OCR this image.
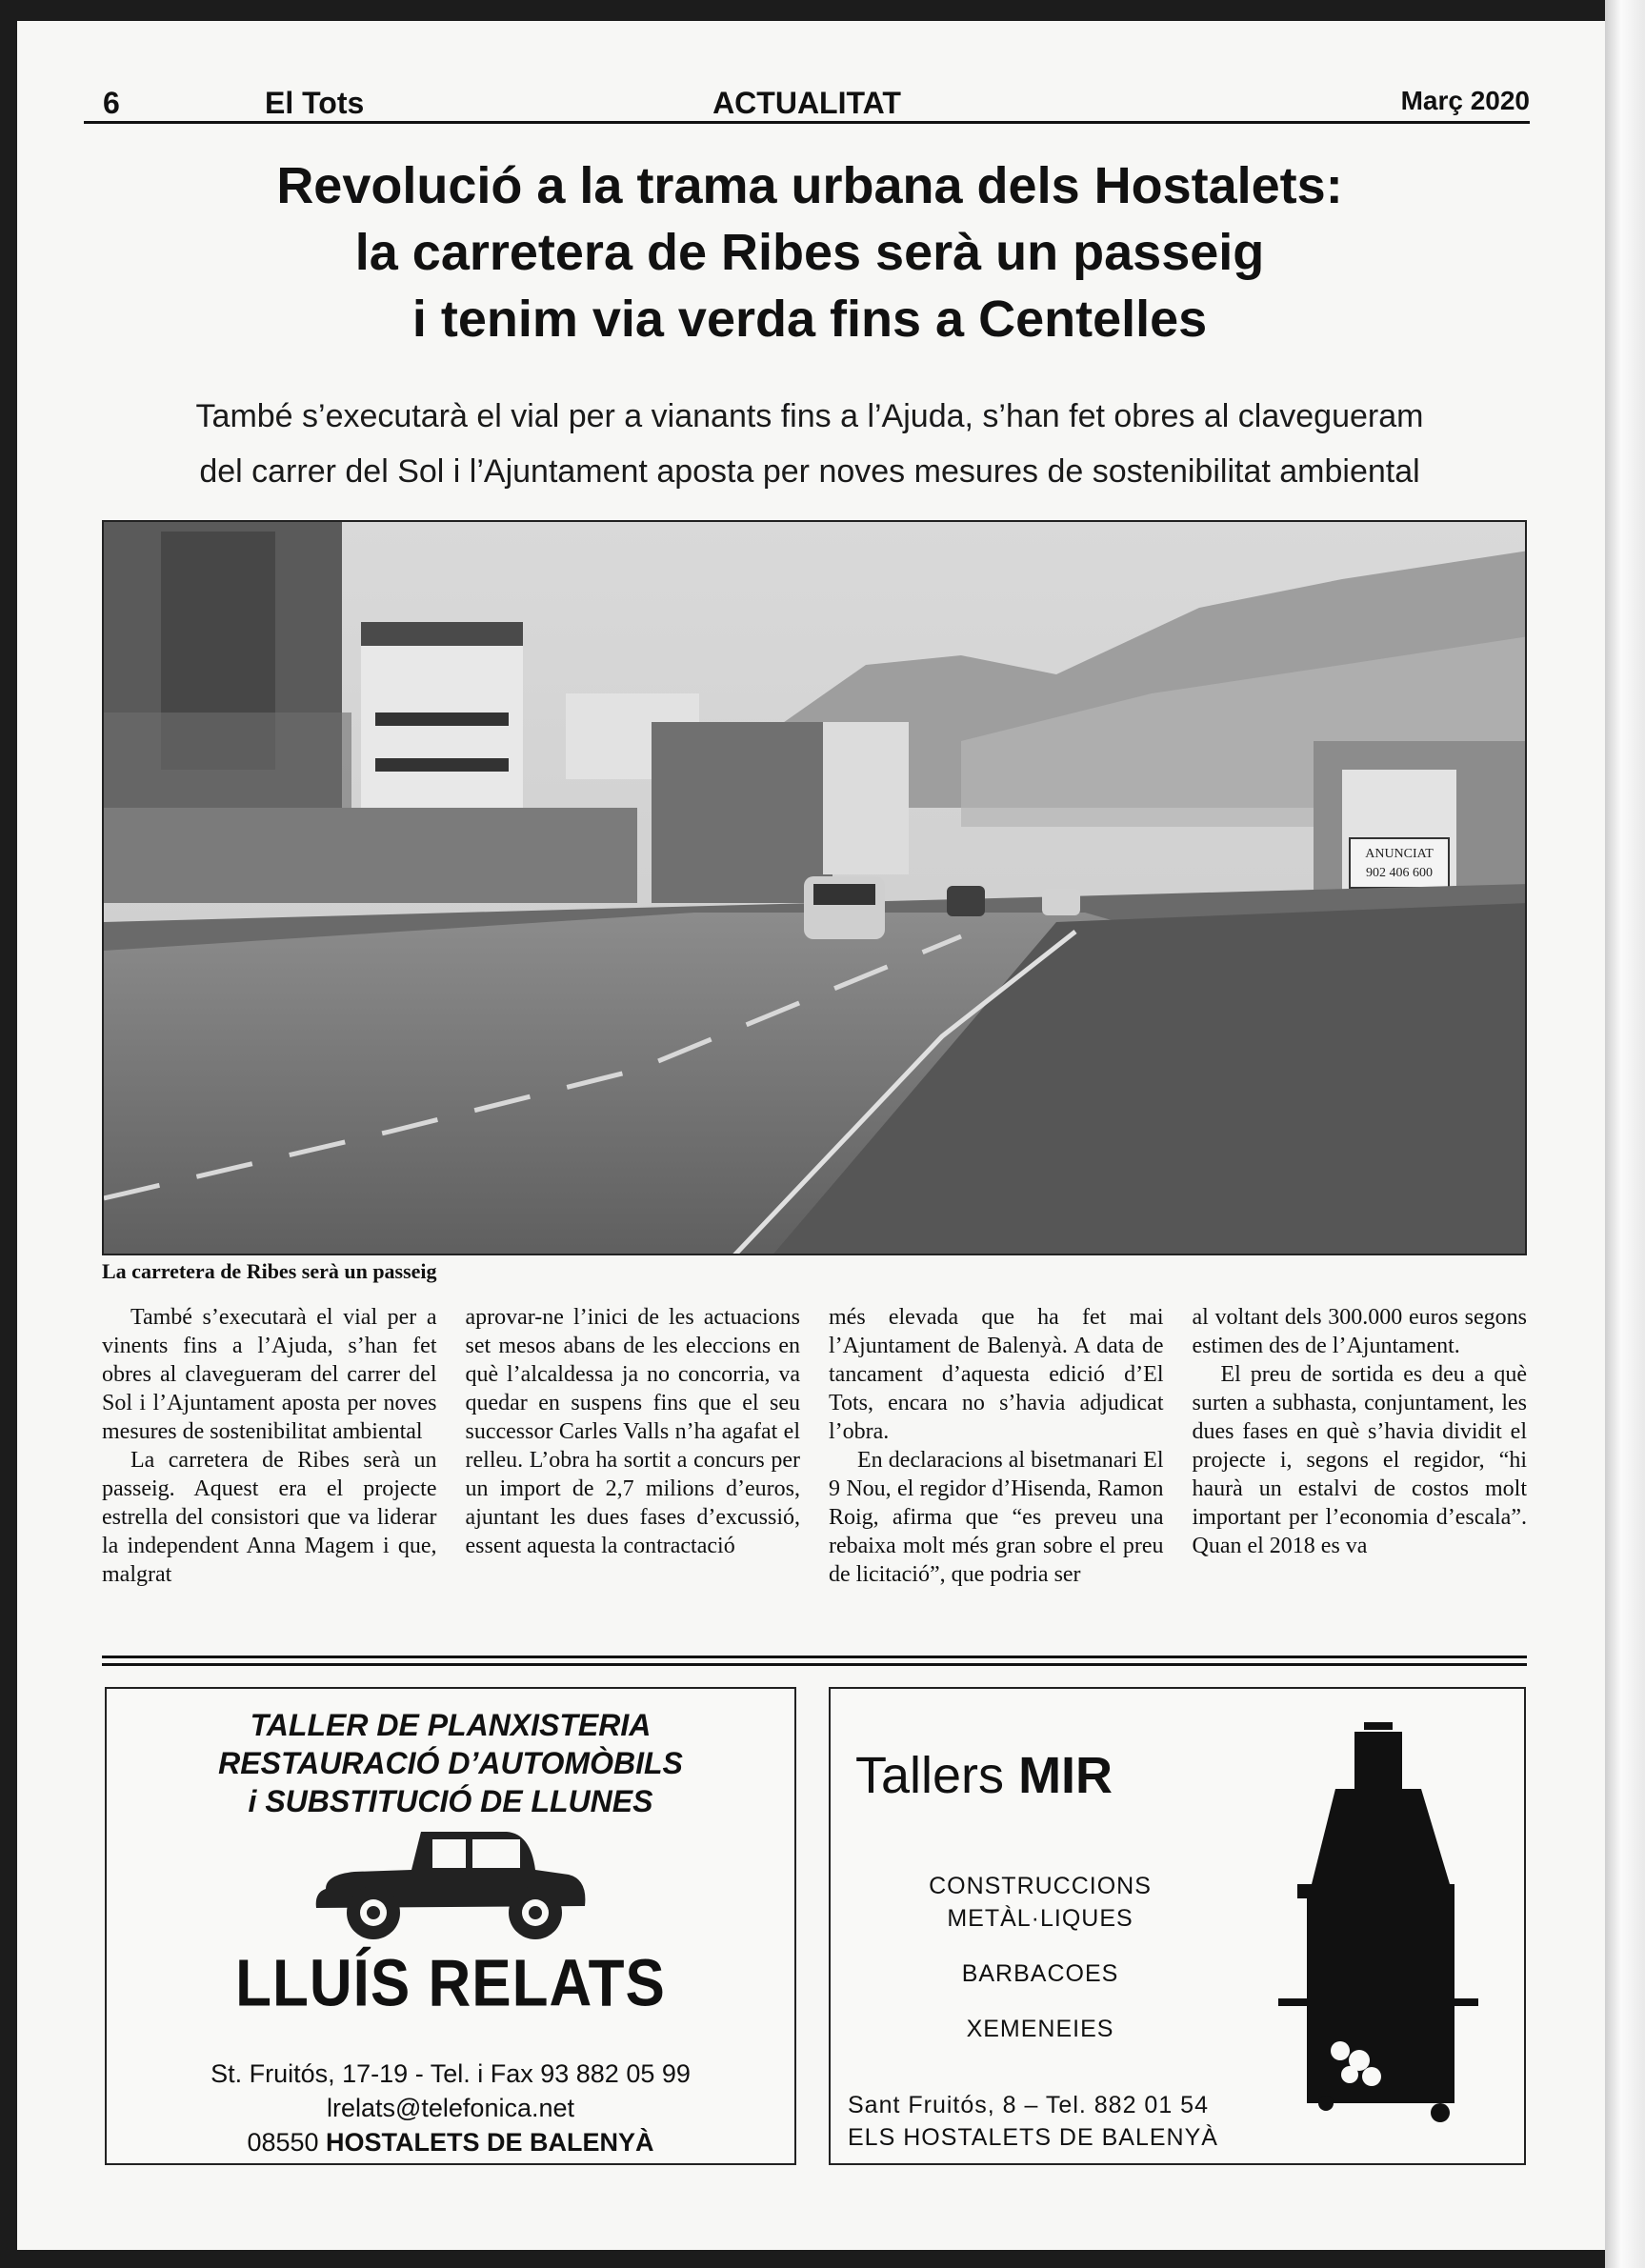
6	El Tots	ACTUALITAT	Març 2020
Revolució a la trama urbana dels Hostalets:
la carretera de Ribes serà un passeig
i tenim via verda fins a Centelles
També s’executarà el vial per a vianants fins a l’Ajuda, s’han fet obres al clavegueram
del carrer del Sol i l’Ajuntament aposta per noves mesures de sostenibilitat ambiental
ANUNCIAT
902 406 600
La carretera de Ribes serà un passeig

També s’executarà el vial per a vinents fins a l’Ajuda, s’han fet obres al clavegueram del carrer del Sol i l’Ajuntament aposta per noves mesures de sostenibilitat ambiental

La carretera de Ribes serà un passeig. Aquest era el projecte estrella del consistori que va liderar la independent Anna Magem i que, malgrat

aprovar-ne l’inici de les actuacions set mesos abans de les eleccions en què l’alcaldessa ja no concorria, va quedar en suspens fins que el seu successor Carles Valls n’ha agafat el relleu. L’obra ha sortit a concurs per un import de 2,7 milions d’euros, ajuntant les dues fases d’excussió, essent aquesta la contractació

més elevada que ha fet mai l’Ajuntament de Balenyà. A data de tancament d’aquesta edició d’El Tots, encara no s’havia adjudicat l’obra.

En declaracions al bisetmanari El 9 Nou, el regidor d’Hisenda, Ramon Roig, afirma que “es preveu una rebaixa molt més gran sobre el preu de licitació”, que podria ser

al voltant dels 300.000 euros segons estimen des de l’Ajuntament.

El preu de sortida es deu a què surten a subhasta, conjuntament, les dues fases en què s’havia dividit el projecte i, segons el regidor, “hi haurà un estalvi de costos molt important per l’economia d’escala”. Quan el 2018 es va

TALLER DE PLANXISTERIA
RESTAURACIÓ D’AUTOMÒBILS
i SUBSTITUCIÓ DE LLUNES
LLUÍS RELATS
St. Fruitós, 17-19 - Tel. i Fax 93 882 05 99
lrelats@telefonica.net
08550 HOSTALETS DE BALENYÀ
Tallers MIR
CONSTRUCCIONS
METÀL·LIQUES
BARBACOES
XEMENEIES
Sant Fruitós, 8 – Tel. 882 01 54
ELS HOSTALETS DE BALENYÀ
